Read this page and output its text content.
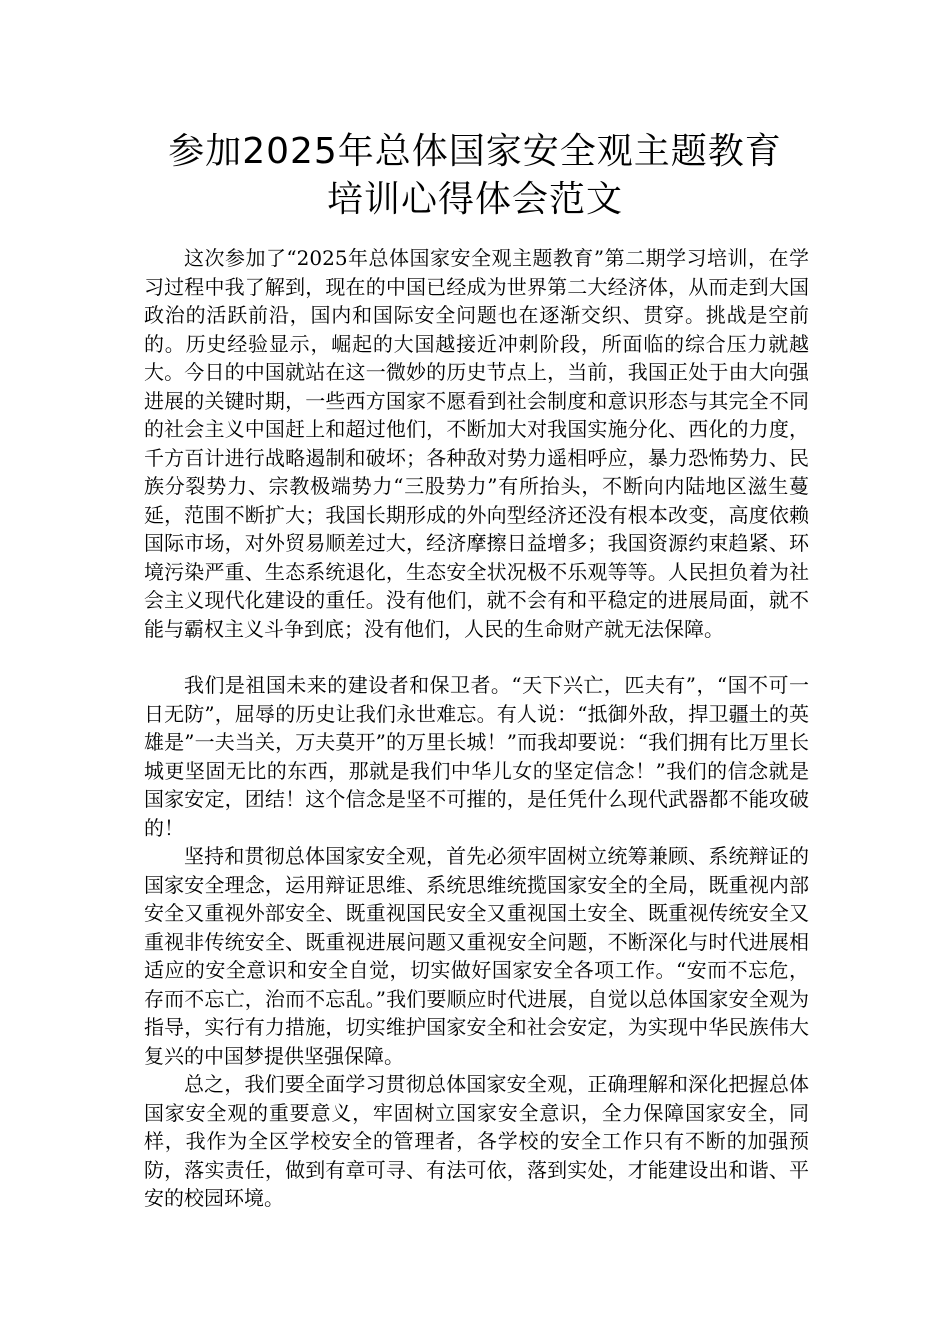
参加2025年总体国家安全观主题教育
培训心得体会范文

这次参加了“2025年总体国家安全观主题教育”第二期学习培训，在学习过程中我了解到，现在的中国已经成为世界第二大经济体，从而走到大国政治的活跃前沿，国内和国际安全问题也在逐渐交织、贯穿。挑战是空前的。历史经验显示，崛起的大国越接近冲刺阶段，所面临的综合压力就越大。今日的中国就站在这一微妙的历史节点上，当前，我国正处于由大向强进展的关键时期，一些西方国家不愿看到社会制度和意识形态与其完全不同的社会主义中国赶上和超过他们，不断加大对我国实施分化、西化的力度，千方百计进行战略遏制和破坏；各种敌对势力遥相呼应，暴力恐怖势力、民族分裂势力、宗教极端势力“三股势力”有所抬头，不断向内陆地区滋生蔓延，范围不断扩大；我国长期形成的外向型经济还没有根本改变，高度依赖国际市场，对外贸易顺差过大，经济摩擦日益增多；我国资源约束趋紧、环境污染严重、生态系统退化，生态安全状况极不乐观等等。人民担负着为社会主义现代化建设的重任。没有他们，就不会有和平稳定的进展局面，就不能与霸权主义斗争到底；没有他们，人民的生命财产就无法保障。

我们是祖国未来的建设者和保卫者。“天下兴亡，匹夫有”，“国不可一日无防”，屈辱的历史让我们永世难忘。有人说：“抵御外敌，捍卫疆土的英雄是”一夫当关，万夫莫开”的万里长城！”而我却要说：“我们拥有比万里长城更坚固无比的东西，那就是我们中华儿女的坚定信念！”我们的信念就是国家安定，团结！这个信念是坚不可摧的，是任凭什么现代武器都不能攻破的！

坚持和贯彻总体国家安全观，首先必须牢固树立统筹兼顾、系统辩证的国家安全理念，运用辩证思维、系统思维统揽国家安全的全局，既重视内部安全又重视外部安全、既重视国民安全又重视国土安全、既重视传统安全又重视非传统安全、既重视进展问题又重视安全问题，不断深化与时代进展相适应的安全意识和安全自觉，切实做好国家安全各项工作。“安而不忘危，存而不忘亡，治而不忘乱。”我们要顺应时代进展，自觉以总体国家安全观为指导，实行有力措施，切实维护国家安全和社会安定，为实现中华民族伟大复兴的中国梦提供坚强保障。

总之，我们要全面学习贯彻总体国家安全观，正确理解和深化把握总体国家安全观的重要意义，牢固树立国家安全意识，全力保障国家安全，同样，我作为全区学校安全的管理者，各学校的安全工作只有不断的加强预防，落实责任，做到有章可寻、有法可依，落到实处，才能建设出和谐、平安的校园环境。
